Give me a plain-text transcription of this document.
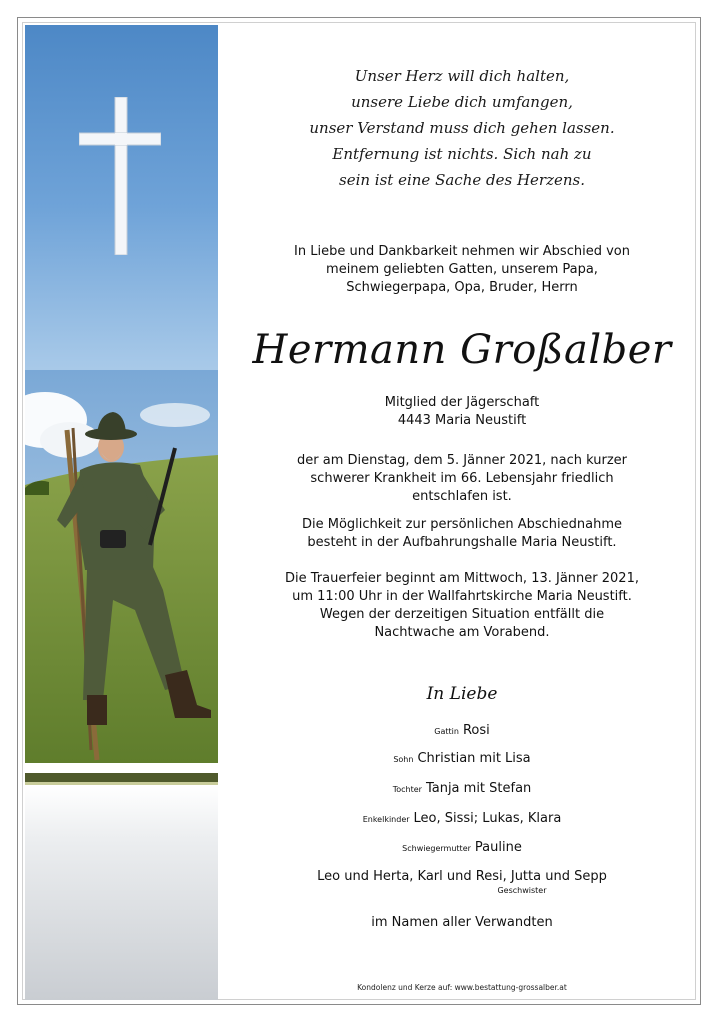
Unser Herz will dich halten,
unsere Liebe dich umfangen,
unser Verstand muss dich gehen lassen.
Entfernung ist nichts. Sich nah zu
sein ist eine Sache des Herzens.
In Liebe und Dankbarkeit nehmen wir Abschied von
meinem geliebten Gatten, unserem Papa,
Schwiegerpapa, Opa, Bruder, Herrn
Hermann Großalber
Mitglied der Jägerschaft
4443 Maria Neustift
der am Dienstag, dem 5. Jänner 2021, nach kurzer
schwerer Krankheit im 66. Lebensjahr friedlich
entschlafen ist.
Die Möglichkeit zur persönlichen Abschiednahme
besteht in der Aufbahrungshalle Maria Neustift.
Die Trauerfeier beginnt am Mittwoch, 13. Jänner 2021,
um 11:00 Uhr in der Wallfahrtskirche Maria Neustift.
Wegen der derzeitigen Situation entfällt die
Nachtwache am Vorabend.
In Liebe
Gattin Rosi
Sohn Christian mit Lisa
Tochter Tanja mit Stefan
Enkelkinder Leo, Sissi; Lukas, Klara
Schwiegermutter Pauline
Leo und Herta, Karl und Resi, Jutta und Sepp
Geschwister
im Namen aller Verwandten
Kondolenz und Kerze auf: www.bestattung-grossalber.at
